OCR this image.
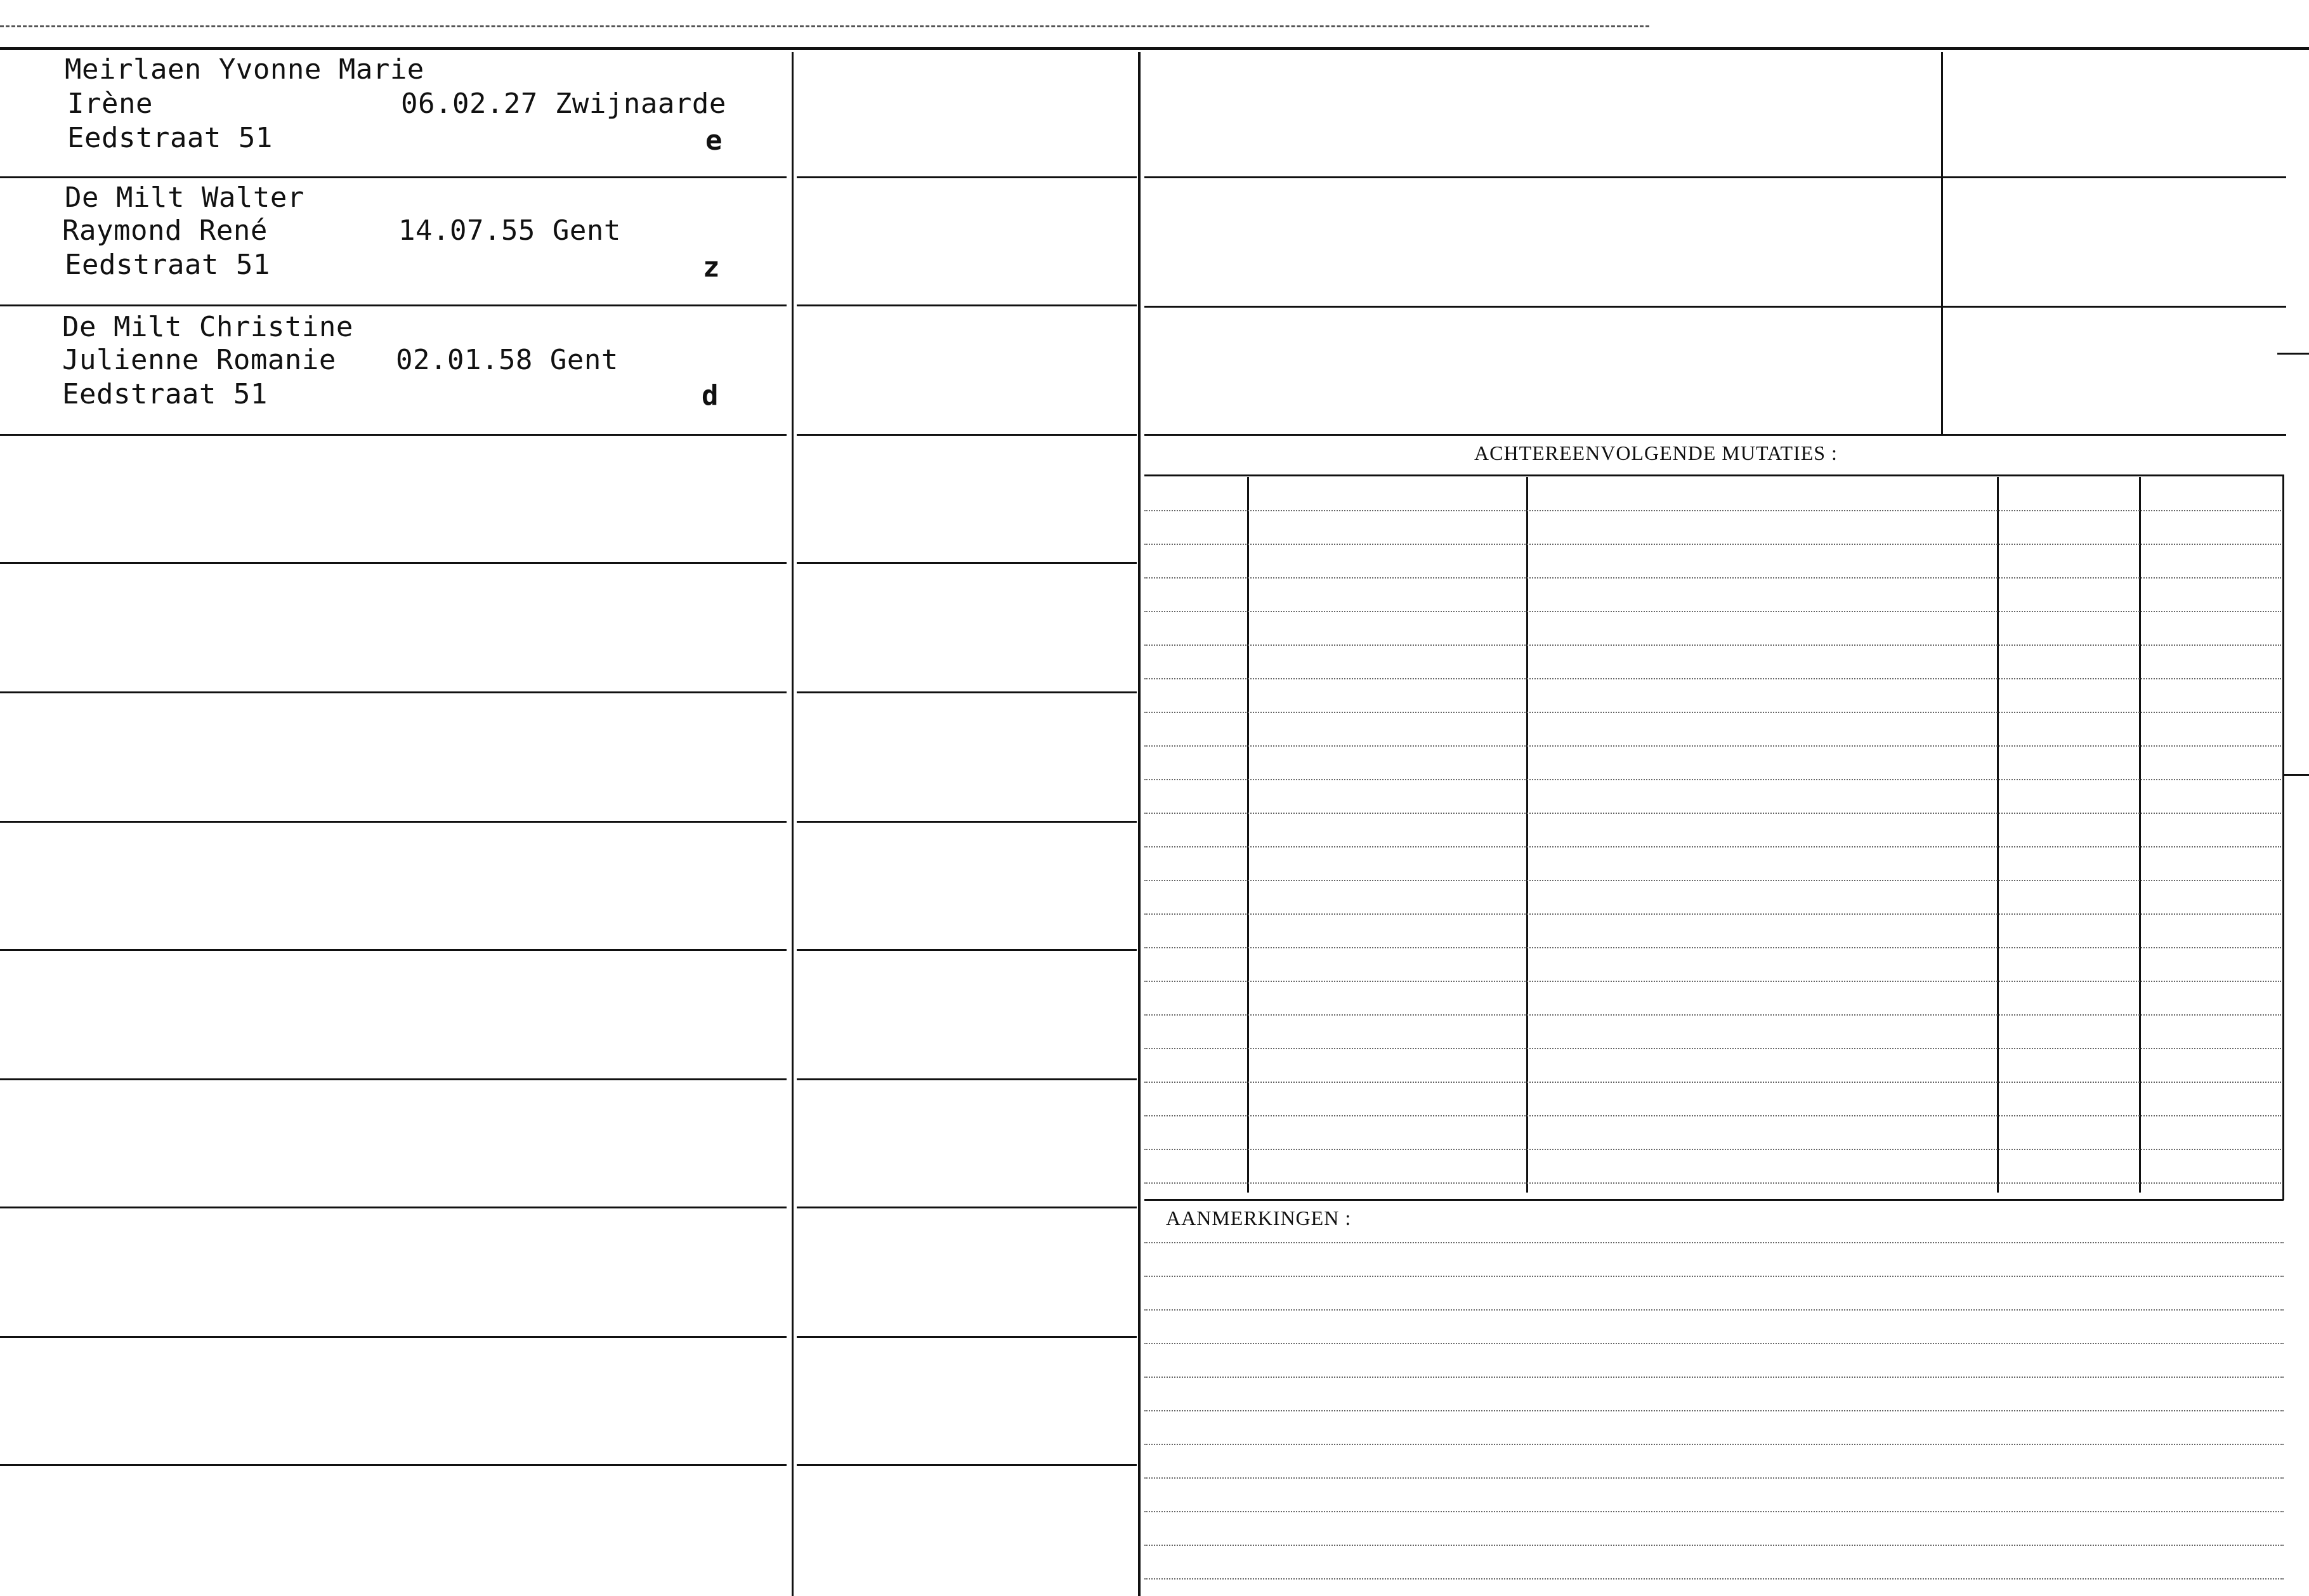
ACHTEREENVOLGENDE MUTATIES :
AANMERKINGEN :
Meirlaen Yvonne Marie
Irène
Eedstraat 51
06.02.27 Zwijnaarde
e
De Milt Walter
Raymond René
Eedstraat 51
14.07.55 Gent
z
De Milt Christine
Julienne Romanie
Eedstraat 51
02.01.58 Gent
d
